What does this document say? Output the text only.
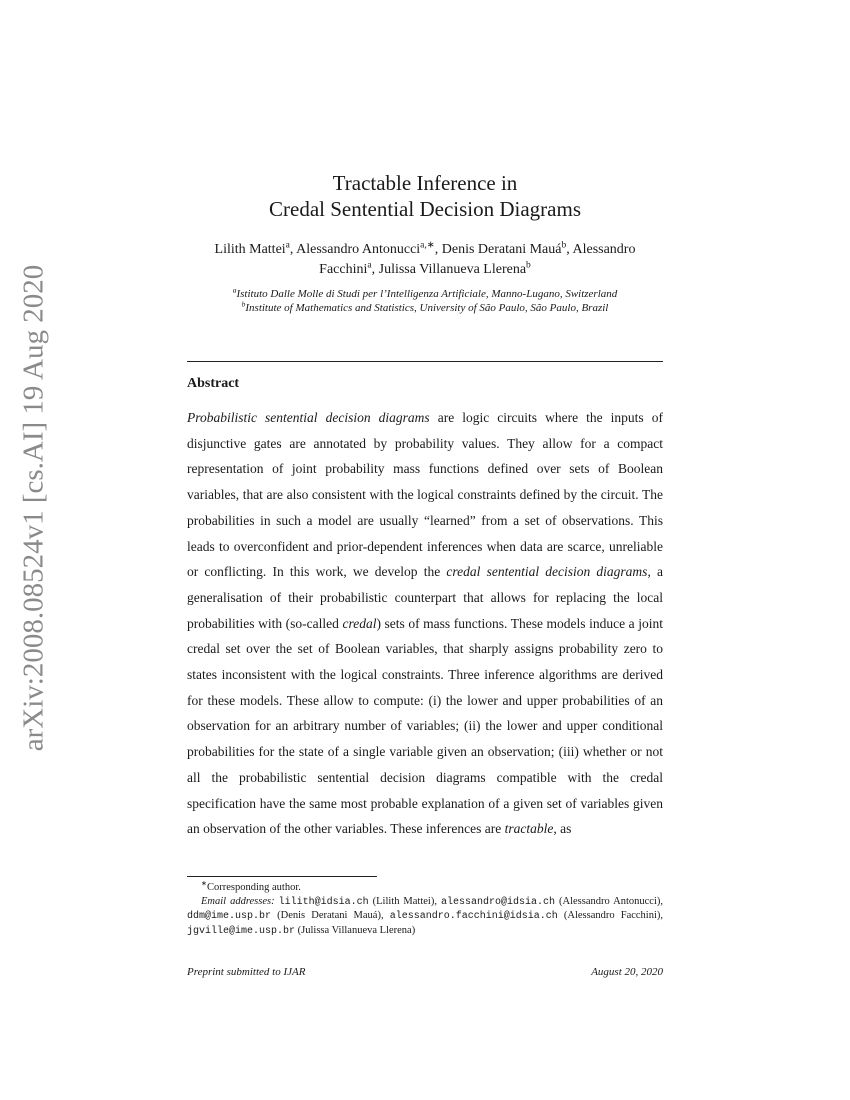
arXiv:2008.08524v1 [cs.AI] 19 Aug 2020
Tractable Inference in
Credal Sentential Decision Diagrams
Lilith Mattei$^a$, Alessandro Antonucci$^{a,∗}$, Denis Deratani Mauá$^b$, Alessandro
Facchini$^a$, Julissa Villanueva Llerena$^b$
$^a$Istituto Dalle Molle di Studi per l’Intelligenza Artificiale, Manno-Lugano, Switzerland
$^b$Institute of Mathematics and Statistics, University of São Paulo, São Paulo, Brazil
Abstract

Probabilistic sentential decision diagrams are logic circuits where the inputs of disjunctive gates are annotated by probability values. They allow for a compact representation of joint probability mass functions defined over sets of Boolean variables, that are also consistent with the logical constraints defined by the circuit. The probabilities in such a model are usually “learned” from a set of observations. This leads to overconfident and prior-dependent inferences when data are scarce, unreliable or conflicting. In this work, we develop the credal sentential decision diagrams, a generalisation of their probabilistic counterpart that allows for replacing the local probabilities with (so-called credal) sets of mass functions. These models induce a joint credal set over the set of Boolean variables, that sharply assigns probability zero to states inconsistent with the logical constraints. Three inference algorithms are derived for these models. These allow to compute: (i) the lower and upper probabilities of an observation for an arbitrary number of variables; (ii) the lower and upper conditional probabilities for the state of a single variable given an observation; (iii) whether or not all the probabilistic sentential decision diagrams compatible with the credal specification have the same most probable explanation of a given set of variables given an observation of the other variables. These inferences are tractable, as

∗Corresponding author.
Email addresses: lilith@idsia.ch (Lilith Mattei), alessandro@idsia.ch (Alessandro Antonucci), ddm@ime.usp.br (Denis Deratani Mauá), alessandro.facchini@idsia.ch (Alessandro Facchini), jgville@ime.usp.br (Julissa Villanueva Llerena)

Preprint submitted to IJAR	August 20, 2020
